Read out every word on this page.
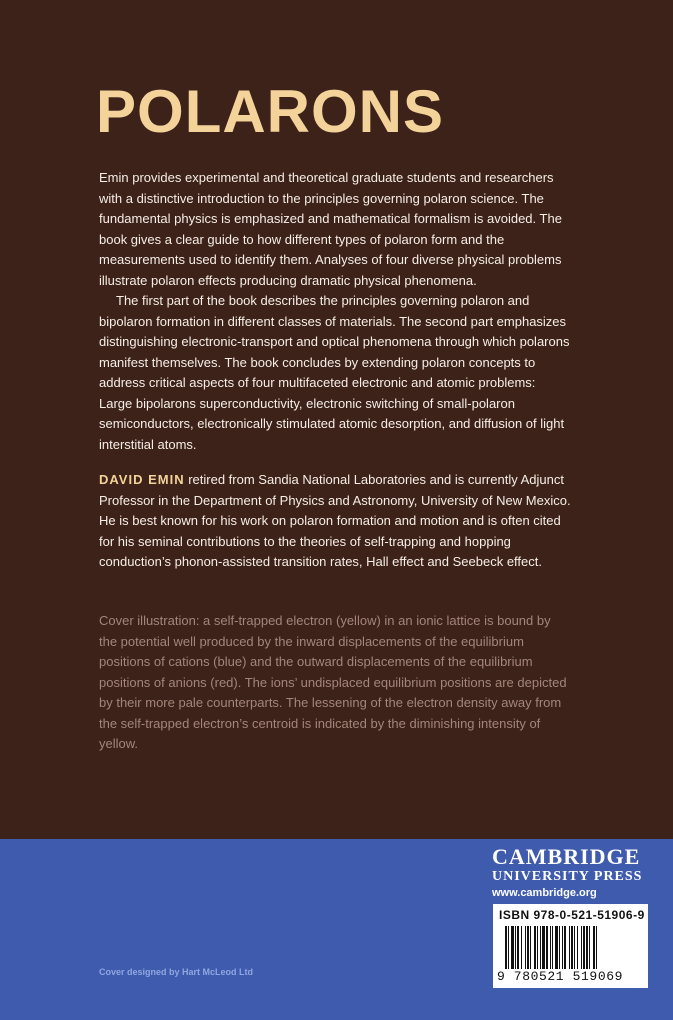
POLARONS

Emin provides experimental and theoretical graduate students and researchers with a distinctive introduction to the principles governing polaron science. The fundamental physics is emphasized and mathematical formalism is avoided. The book gives a clear guide to how different types of polaron form and the measurements used to identify them. Analyses of four diverse physical problems illustrate polaron effects producing dramatic physical phenomena.

The first part of the book describes the principles governing polaron and bipolaron formation in different classes of materials. The second part emphasizes distinguishing electronic-transport and optical phenomena through which polarons manifest themselves. The book concludes by extending polaron concepts to address critical aspects of four multifaceted electronic and atomic problems: Large bipolarons superconductivity, electronic switching of small-polaron semiconductors, electronically stimulated atomic desorption, and diffusion of light interstitial atoms.

DAVID EMIN retired from Sandia National Laboratories and is currently Adjunct Professor in the Department of Physics and Astronomy, University of New Mexico. He is best known for his work on polaron formation and motion and is often cited for his seminal contributions to the theories of self-trapping and hopping conduction’s phonon-assisted transition rates, Hall effect and Seebeck effect.
Cover illustration: a self-trapped electron (yellow) in an ionic lattice is bound by the potential well produced by the inward displacements of the equilibrium positions of cations (blue) and the outward displacements of the equilibrium positions of anions (red). The ions’ undisplaced equilibrium positions are depicted by their more pale counterparts. The lessening of the electron density away from the self-trapped electron’s centroid is indicated by the diminishing intensity of yellow.
Cover designed by Hart McLeod Ltd
CAMBRIDGE
UNIVERSITY PRESS
www.cambridge.org
ISBN 978-0-521-51906-9
9 780521 519069
